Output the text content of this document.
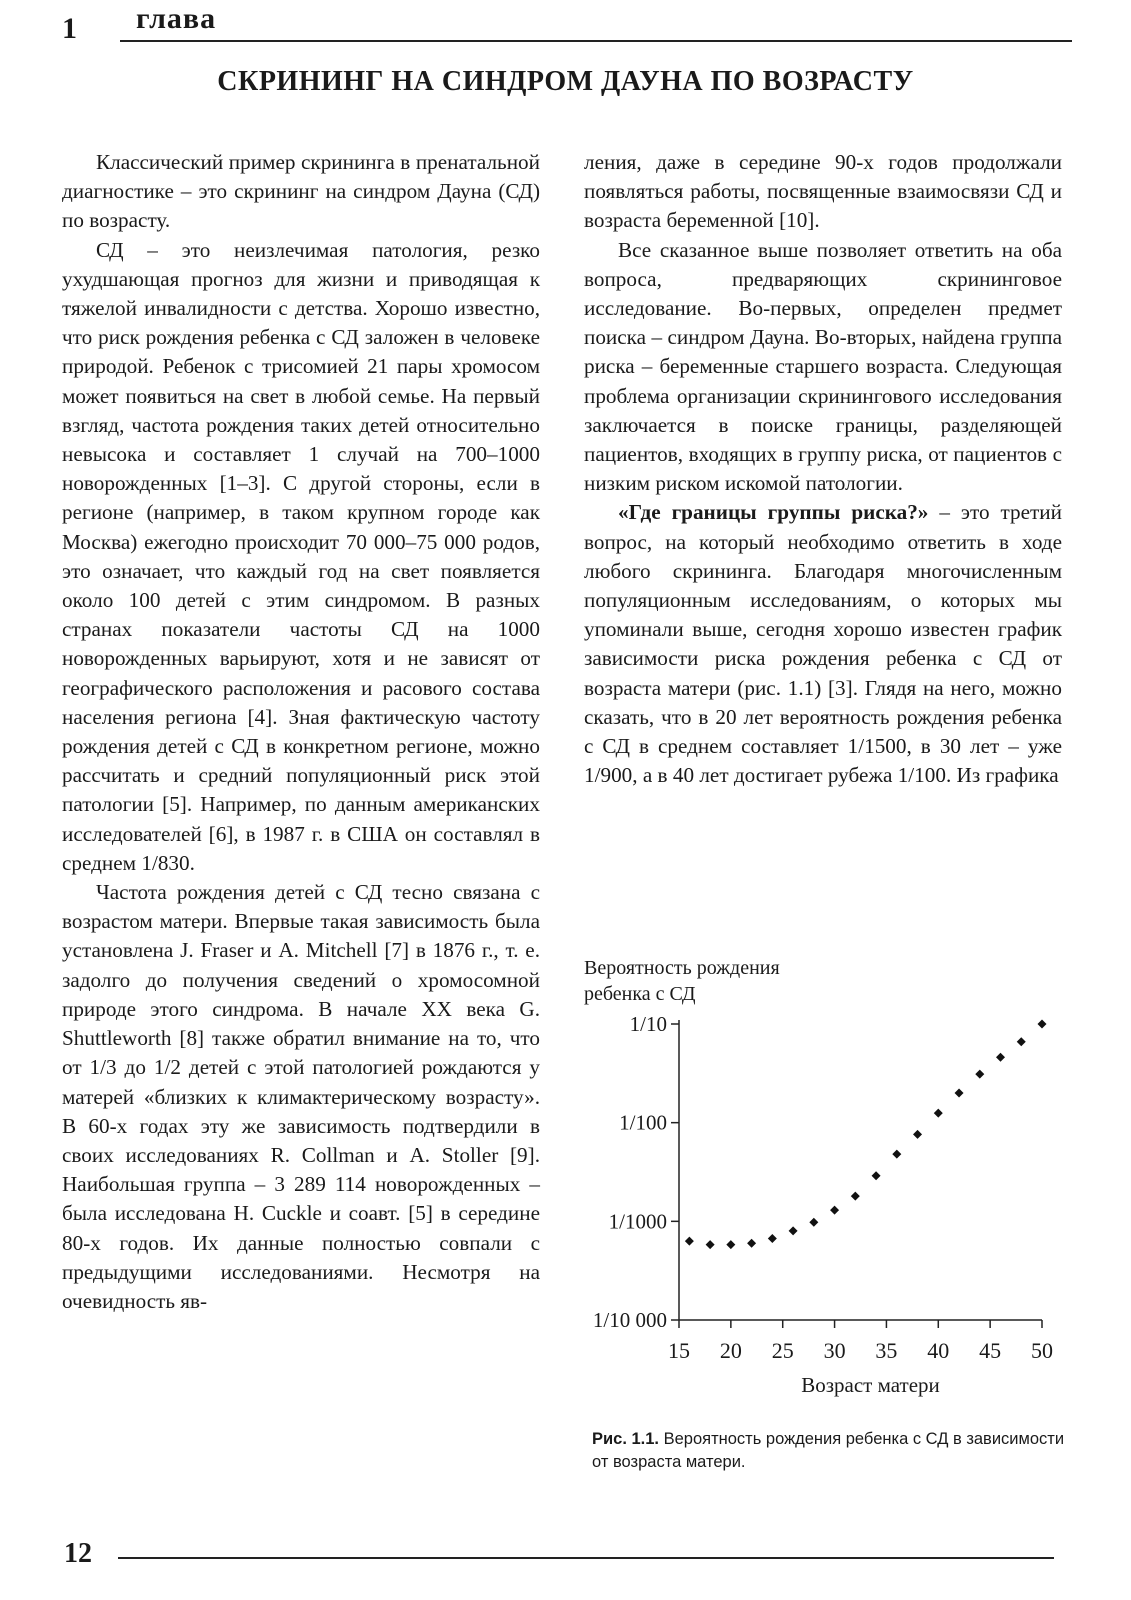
1 глава
СКРИНИНГ НА СИНДРОМ ДАУНА ПО ВОЗРАСТУ

Классический пример скрининга в пренатальной диагностике – это скрининг на синдром Дауна (СД) по возрасту.

СД – это неизлечимая патология, резко ухудшающая прогноз для жизни и приводящая к тяжелой инвалидности с детства. Хорошо известно, что риск рождения ребенка с СД заложен в человеке природой. Ребенок с трисомией 21 пары хромосом может появиться на свет в любой семье. На первый взгляд, частота рождения таких детей относительно невысока и составляет 1 случай на 700–1000 новорожденных [1–3]. С другой стороны, если в регионе (например, в таком крупном городе как Москва) ежегодно происходит 70 000–75 000 родов, это означает, что каждый год на свет появляется около 100 детей с этим синдромом. В разных странах показатели частоты СД на 1000 новорожденных варьируют, хотя и не зависят от географического расположения и расового состава населения региона [4]. Зная фактическую частоту рождения детей с СД в конкретном регионе, можно рассчитать и средний популяционный риск этой патологии [5]. Например, по данным американских исследователей [6], в 1987 г. в США он составлял в среднем 1/830.

Частота рождения детей с СД тесно связана с возрастом матери. Впервые такая зависимость была установлена J. Fraser и A. Mitchell [7] в 1876 г., т. е. задолго до получения сведений о хромосомной природе этого синдрома. В начале XX века G. Shuttleworth [8] также обратил внимание на то, что от 1/3 до 1/2 детей с этой патологией рождаются у матерей «близких к климактерическому возрасту». В 60-х годах эту же зависимость подтвердили в своих исследованиях R. Collman и A. Stoller [9]. Наибольшая группа – 3 289 114 новорожденных – была исследована H. Cuckle и соавт. [5] в середине 80-х годов. Их данные полностью совпали с предыдущими исследованиями. Несмотря на очевидность яв-

ления, даже в середине 90-х годов продолжали появляться работы, посвященные взаимосвязи СД и возраста беременной [10].

Все сказанное выше позволяет ответить на оба вопроса, предваряющих скрининговое исследование. Во-первых, определен предмет поиска – синдром Дауна. Во-вторых, найдена группа риска – беременные старшего возраста. Следующая проблема организации скринингового исследования заключается в поиске границы, разделяющей пациентов, входящих в группу риска, от пациентов с низким риском искомой патологии.

«Где границы группы риска?» – это третий вопрос, на который необходимо ответить в ходе любого скрининга. Благодаря многочисленным популяционным исследованиям, о которых мы упоминали выше, сегодня хорошо известен график зависимости риска рождения ребенка с СД от возраста матери (рис. 1.1) [3]. Глядя на него, можно сказать, что в 20 лет вероятность рождения ребенка с СД в среднем составляет 1/1500, в 30 лет – уже 1/900, а в 40 лет достигает рубежа 1/100. Из графика

Вероятность рождения
ребенка с СД
1/10 000
1/1000
1/100
1/10
15 20 25 30 35 40 45 50
Возраст матери
Рис. 1.1. Вероятность рождения ребенка с СД в зависимости от возраста матери.
12
